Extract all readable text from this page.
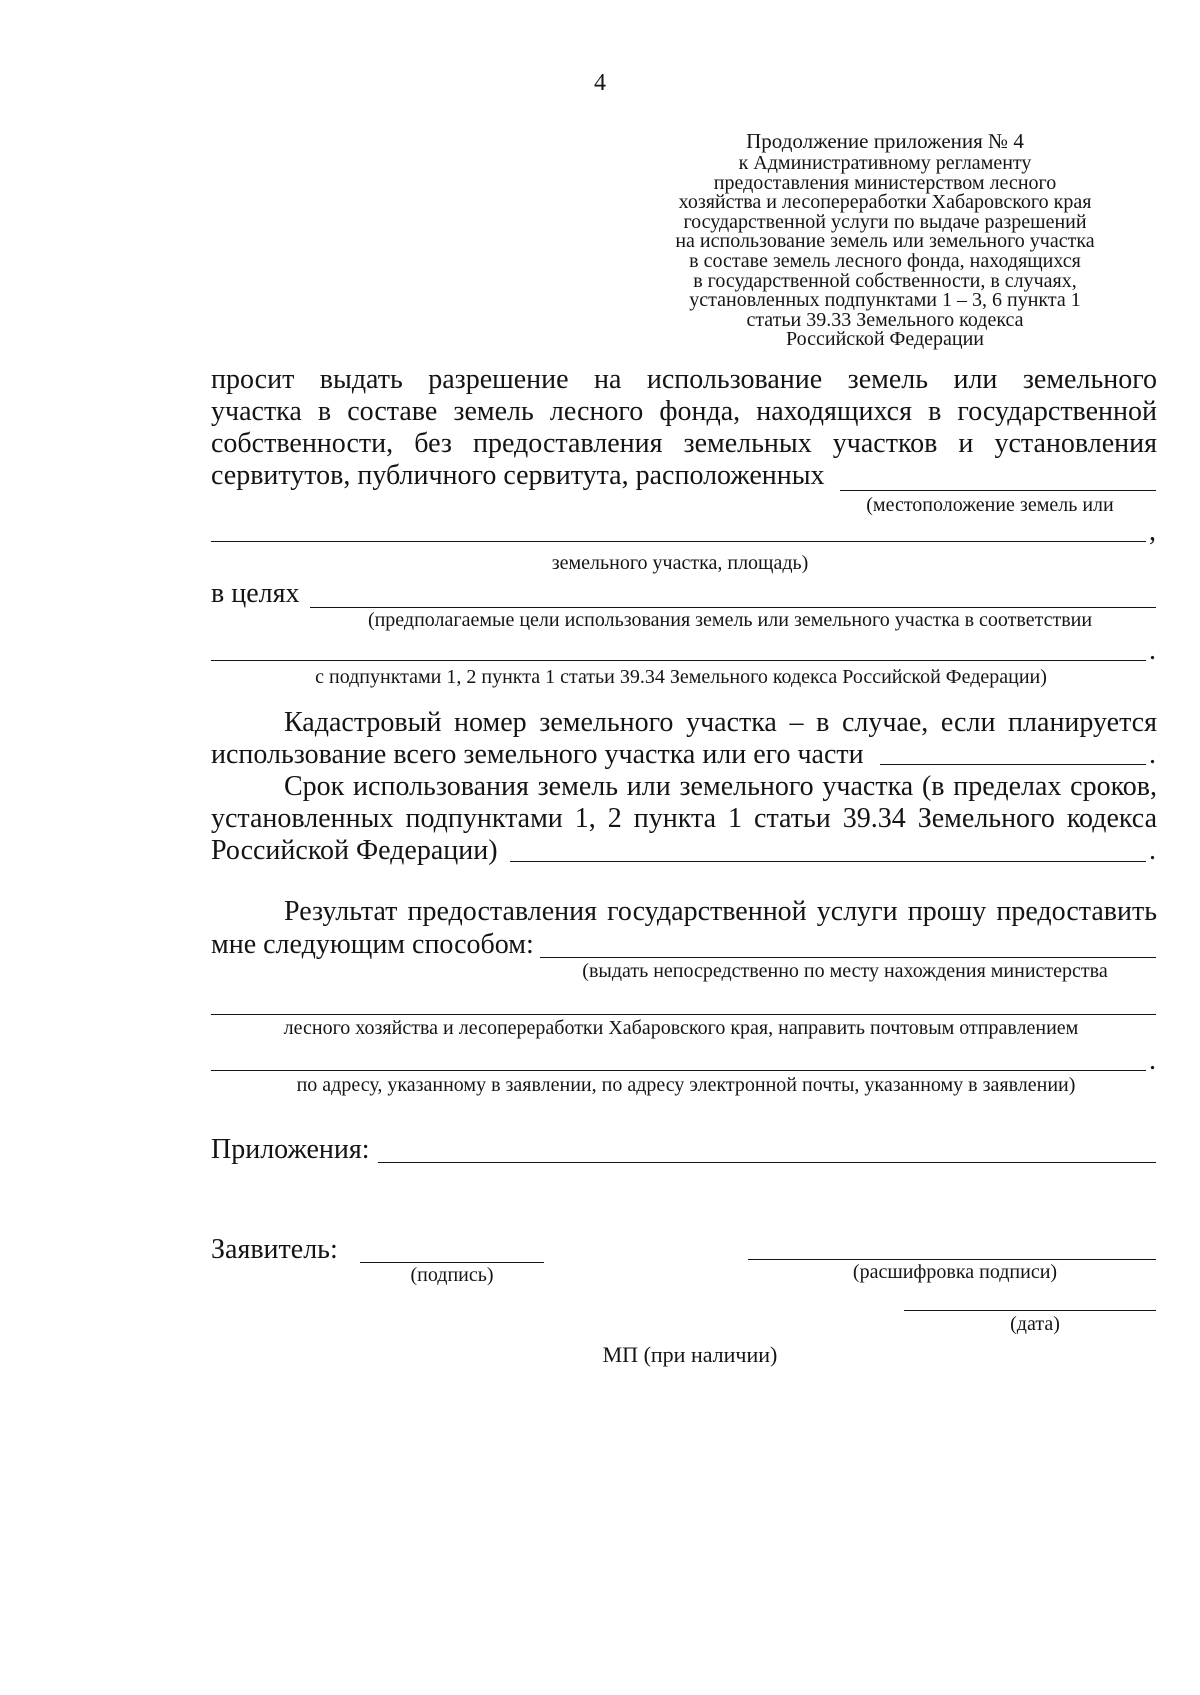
4
Продолжение приложения № 4
к Административному регламенту
предоставления министерством лесного
хозяйства и лесопереработки Хабаровского края
государственной услуги по выдаче разрешений
на использование земель или земельного участка
в составе земель лесного фонда, находящихся
в государственной собственности, в случаях,
установленных подпунктами 1 – 3, 6 пункта 1
статьи 39.33 Земельного кодекса
Российской Федерации
просит выдать разрешение на использование земель или земельного
участка в составе земель лесного фонда, находящихся в государственной
собственности, без предоставления земельных участков и установления
сервитутов, публичного сервитута, расположенных
(местоположение земель или
,
земельного участка, площадь)
в целях
(предполагаемые цели использования земель или земельного участка в соответствии
.
с подпунктами 1, 2 пункта 1 статьи 39.34 Земельного кодекса Российской Федерации)
Кадастровый номер земельного участка – в случае, если планируется
использование всего земельного участка или его части	.
Срок использования земель или земельного участка (в пределах сроков,
установленных подпунктами 1, 2 пункта 1 статьи 39.34 Земельного кодекса
Российской Федерации)	.
Результат предоставления государственной услуги прошу предоставить
мне следующим способом:
(выдать непосредственно по месту нахождения министерства
лесного хозяйства и лесопереработки Хабаровского края, направить почтовым отправлением
.
по адресу, указанному в заявлении, по адресу электронной почты, указанному в заявлении)
Приложения:
Заявитель:
(подпись)	(расшифровка подписи)
(дата)
МП (при наличии)
